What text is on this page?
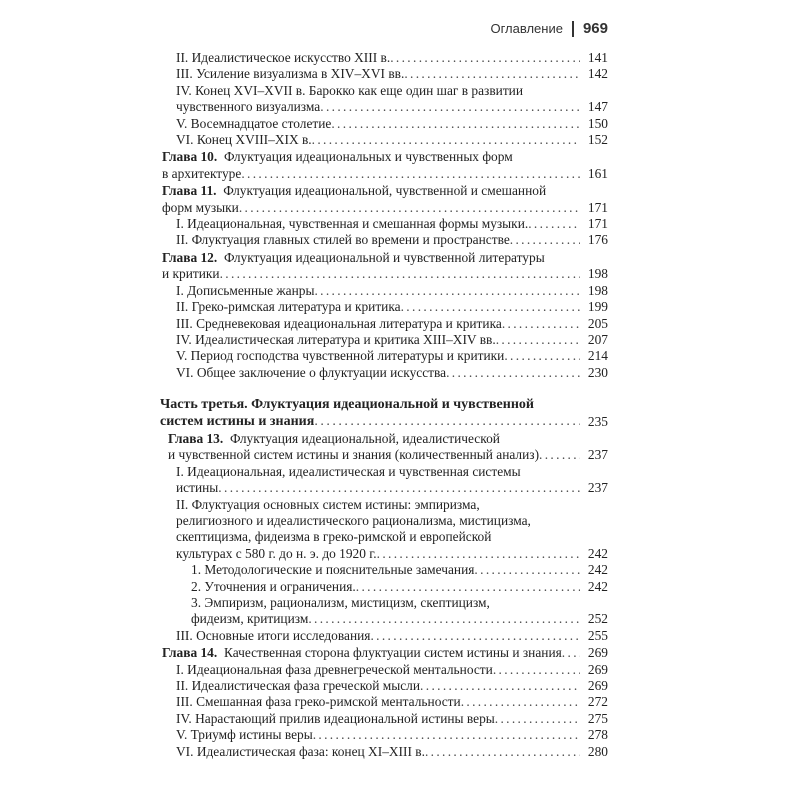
Оглавление 969
II. Идеалистическое искусство XIII в. . . .	141
III. Усиление визуализма в XIV–XVI вв. . . .	142
IV. Конец XVI–XVII в. Барокко как еще один шаг в развитии
чувственного визуализма . . .	147
V. Восемнадцатое столетие . . .	150
VI. Конец XVIII–XIX в. . . .	152
Глава 10. Флуктуация идеациональных и чувственных форм
в архитектуре . . .	161
Глава 11. Флуктуация идеациональной, чувственной и смешанной
форм музыки . . .	171
I. Идеациональная, чувственная и смешанная формы музыки. . . .	171
II. Флуктуация главных стилей во времени и пространстве . . .	176
Глава 12. Флуктуация идеациональной и чувственной литературы
и критики . . .	198
I. Дописьменные жанры . . .	198
II. Греко-римская литература и критика . . .	199
III. Средневековая идеациональная литература и критика . . .	205
IV. Идеалистическая литература и критика XIII–XIV вв. . . .	207
V. Период господства чувственной литературы и критики . . .	214
VI. Общее заключение о флуктуации искусства . . .	230
Часть третья. Флуктуация идеациональной и чувственной
систем истины и знания . . .	235
Глава 13. Флуктуация идеациональной, идеалистической
и чувственной систем истины и знания (количественный анализ) . . .	237
I. Идеациональная, идеалистическая и чувственная системы
истины . . .	237
II. Флуктуация основных систем истины: эмпиризма,
религиозного и идеалистического рационализма, мистицизма,
скептицизма, фидеизма в греко-римской и европейской
культурах с 580 г. до н. э. до 1920 г. . . .	242
1. Методологические и пояснительные замечания . . .	242
2. Уточнения и ограничения. . . .	242
3. Эмпиризм, рационализм, мистицизм, скептицизм,
фидеизм, критицизм . . .	252
III. Основные итоги исследования . . .	255
Глава 14. Качественная сторона флуктуации систем истины и знания . . .	269
I. Идеациональная фаза древнегреческой ментальности . . .	269
II. Идеалистическая фаза греческой мысли . . .	269
III. Смешанная фаза греко-римской ментальности . . .	272
IV. Нарастающий прилив идеациональной истины веры . . .	275
V. Триумф истины веры . . .	278
VI. Идеалистическая фаза: конец XI–XIII в. . . .	280
